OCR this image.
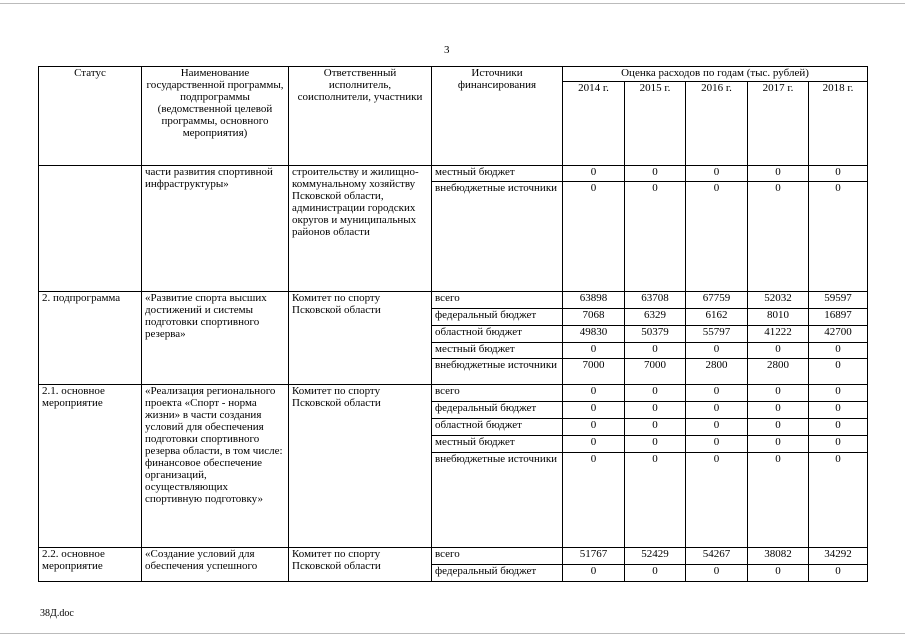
3
Статус	Наименование государственной программы, подпрограммы (ведомственной целевой программы, основного мероприятия)	Ответственный исполнитель, соисполнители, участники	Источники финансирования	Оценка расходов по годам (тыс. рублей)				
				2014 г.	2015 г.	2016 г.	2017 г.	2018 г.
	части развития спортивной инфраструктуры»	строительству и жилищно-коммунальному хозяйству Псковской области, администрации городских округов и муниципальных районов области	местный бюджет	0	0	0	0	0
			внебюджетные источники	0	0	0	0	0
2. подпрограмма	«Развитие спорта высших достижений и системы подготовки спортивного резерва»	Комитет по спорту Псковской области	всего	63898	63708	67759	52032	59597
			федеральный бюджет	7068	6329	6162	8010	16897
			областной бюджет	49830	50379	55797	41222	42700
			местный бюджет	0	0	0	0	0
			внебюджетные источники	7000	7000	2800	2800	0
2.1. основное мероприятие	«Реализация регионального проекта «Спорт - норма жизни» в части создания условий для обеспечения подготовки спортивного резерва области, в том числе: финансовое обеспечение организаций, осуществляющих спортивную подготовку»	Комитет по спорту Псковской области	всего	0	0	0	0	0
			федеральный бюджет	0	0	0	0	0
			областной бюджет	0	0	0	0	0
			местный бюджет	0	0	0	0	0
			внебюджетные источники	0	0	0	0	0
2.2. основное мероприятие	«Создание условий для обеспечения успешного	Комитет по спорту Псковской области	всего	51767	52429	54267	38082	34292
			федеральный бюджет	0	0	0	0	0
38Д.doc
